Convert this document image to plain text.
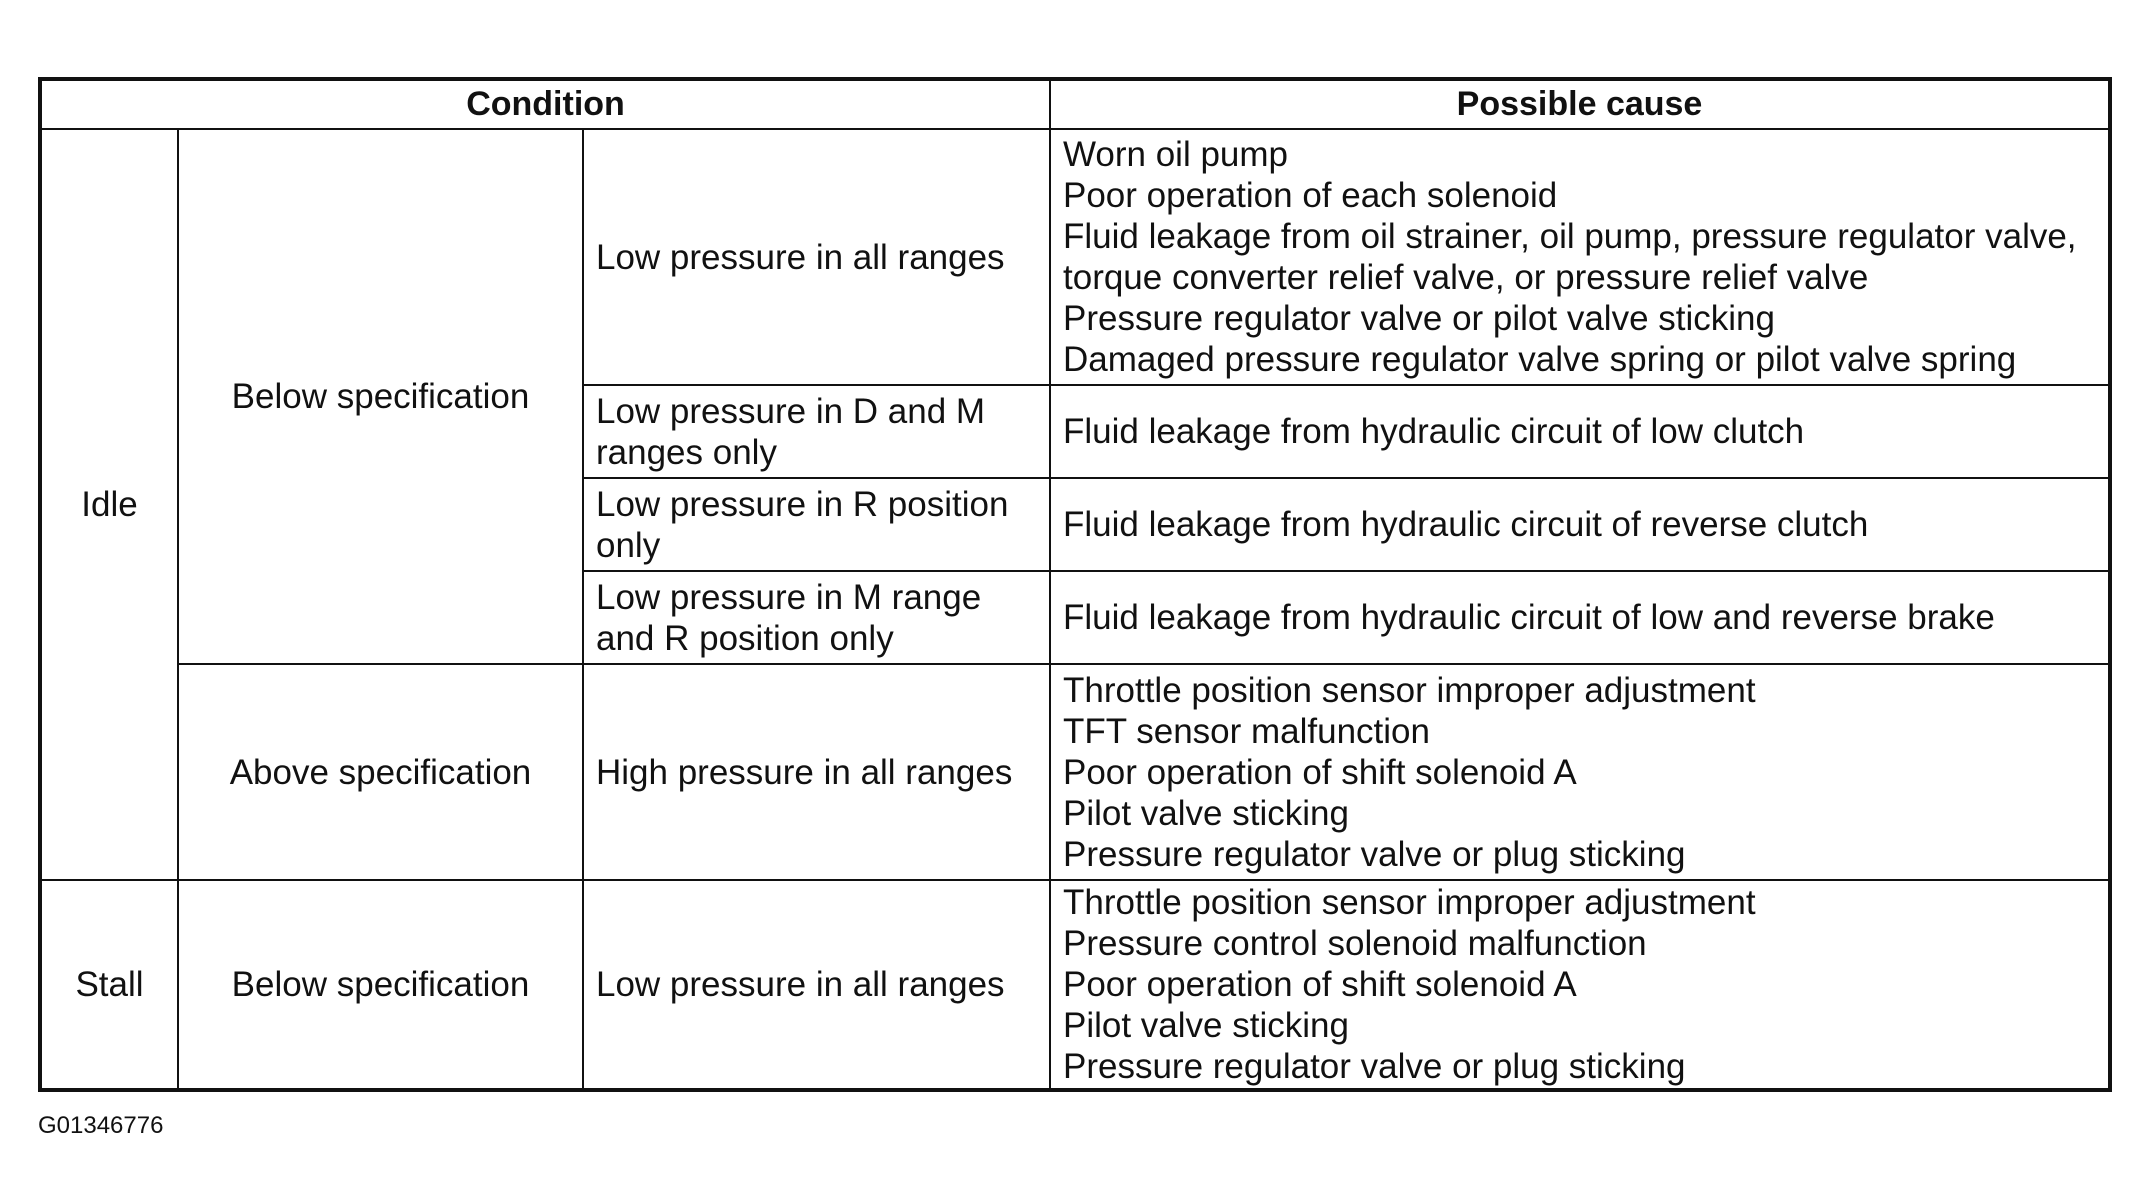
Condition			Possible cause
Idle	Below specification	Low pressure in all ranges	Worn oil pump
Poor operation of each solenoid
Fluid leakage from oil strainer, oil pump, pressure regulator valve, torque converter relief valve, or pressure relief valve
Pressure regulator valve or pilot valve sticking
Damaged pressure regulator valve spring or pilot valve spring

		Low pressure in D and M ranges only	Fluid leakage from hydraulic circuit of low clutch

		Low pressure in R position only	Fluid leakage from hydraulic circuit of reverse clutch

		Low pressure in M range and R position only	Fluid leakage from hydraulic circuit of low and reverse brake

	Above specification	High pressure in all ranges	Throttle position sensor improper adjustment
TFT sensor malfunction
Poor operation of shift solenoid A
Pilot valve sticking
Pressure regulator valve or plug sticking

Stall	Below specification	Low pressure in all ranges	Throttle position sensor improper adjustment
Pressure control solenoid malfunction
Poor operation of shift solenoid A
Pilot valve sticking
Pressure regulator valve or plug sticking
G01346776
